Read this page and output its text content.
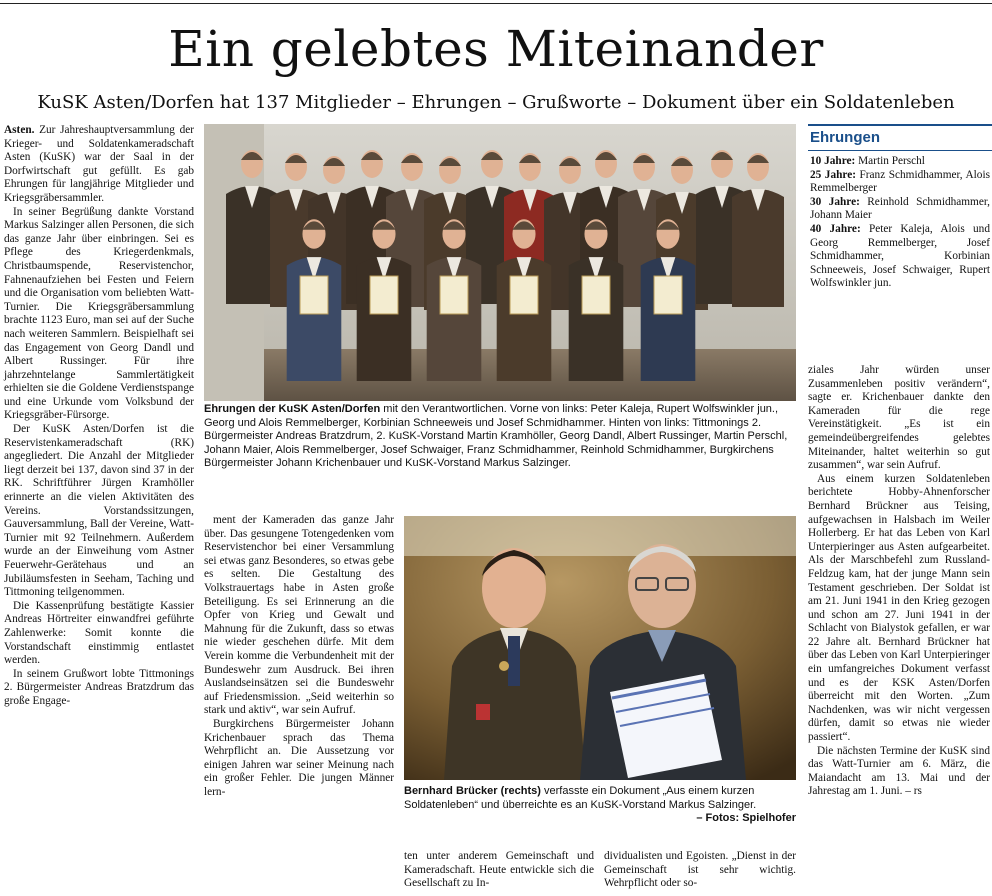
Ein gelebtes Miteinander
KuSK Asten/Dorfen hat 137 Mitglieder – Ehrungen – Grußworte – Dokument über ein Soldatenleben

Asten. Zur Jahreshauptversammlung der Krieger- und Soldatenkameradschaft Asten (KuSK) war der Saal in der Dorfwirtschaft gut gefüllt. Es gab Ehrungen für langjährige Mitglieder und Kriegsgräbersammler.

In seiner Begrüßung dankte Vorstand Markus Salzinger allen Personen, die sich das ganze Jahr über einbringen. Sei es Pflege des Kriegerdenkmals, Christbaumspende, Reservistenchor, Fahnenaufziehen bei Festen und Feiern und die Organisation vom beliebten Watt-Turnier. Die Kriegsgräbersammlung brachte 1123 Euro, man sei auf der Suche nach weiteren Sammlern. Beispielhaft sei das Engagement von Georg Dandl und Albert Russinger. Für ihre jahrzehntelange Sammlertätigkeit erhielten sie die Goldene Verdienstspange und eine Urkunde vom Volksbund der Kriegsgräber-Fürsorge.

Der KuSK Asten/Dorfen ist die Reservistenkameradschaft (RK) angegliedert. Die Anzahl der Mitglieder liegt derzeit bei 137, davon sind 37 in der RK. Schriftführer Jürgen Kramhöller erinnerte an die vielen Aktivitäten des Vereins. Vorstandssitzungen, Gauversammlung, Ball der Vereine, Watt-Turnier mit 92 Teilnehmern. Außerdem wurde an der Einweihung vom Astner Feuerwehr-Gerätehaus und an Jubiläumsfesten in Seeham, Taching und Tittmoning teilgenommen.

Die Kassenprüfung bestätigte Kassier Andreas Hörtreiter einwandfrei geführte Zahlenwerke: Somit konnte die Vorstandschaft einstimmig entlastet werden.

In seinem Grußwort lobte Tittmonings 2. Bürgermeister Andreas Bratzdrum das große Engage-

Ehrungen der KuSK Asten/Dorfen mit den Verantwortlichen. Vorne von links: Peter Kaleja, Rupert Wolfswinkler jun., Georg und Alois Remmelberger, Korbinian Schneeweis und Josef Schmidhammer. Hinten von links: Tittmonings 2. Bürgermeister Andreas Bratzdrum, 2. KuSK-Vorstand Martin Kramhöller, Georg Dandl, Albert Russinger, Martin Perschl, Johann Maier, Alois Remmelberger, Josef Schwaiger, Franz Schmidhammer, Reinhold Schmidhammer, Burgkirchens Bürgermeister Johann Krichenbauer und KuSK-Vorstand Markus Salzinger.
Ehrungen
10 Jahre: Martin Perschl
25 Jahre: Franz Schmidhammer, Alois Remmelberger
30 Jahre: Reinhold Schmidhammer, Johann Maier
40 Jahre: Peter Kaleja, Alois und Georg Remmelberger, Josef Schmidhammer, Korbinian Schneeweis, Josef Schwaiger, Rupert Wolfswinkler jun.

ziales Jahr würden unser Zusammenleben positiv verändern“, sagte er. Krichenbauer dankte den Kameraden für die rege Vereinstätigkeit. „Es ist ein gemeindeübergreifendes gelebtes Miteinander, haltet weiterhin so gut zusammen“, war sein Aufruf.

Aus einem kurzen Soldatenleben berichtete Hobby-Ahnenforscher Bernhard Brückner aus Teising, aufgewachsen in Halsbach im Weiler Hollerberg. Er hat das Leben von Karl Unterpieringer aus Asten aufgearbeitet. Als der Marschbefehl zum Russland-Feldzug kam, hat der junge Mann sein Testament geschrieben. Der Soldat ist am 21. Juni 1941 in den Krieg gezogen und schon am 27. Juni 1941 in der Schlacht von Bialystok gefallen, er war 22 Jahre alt. Bernhard Brückner hat über das Leben von Karl Unterpieringer ein umfangreiches Dokument verfasst und es der KSK Asten/Dorfen überreicht mit den Worten. „Zum Nachdenken, was wir nicht vergessen dürfen, damit so etwas nie wieder passiert“.

Die nächsten Termine der KuSK sind das Watt-Turnier am 6. März, die Maiandacht am 13. Mai und der Jahrestag am 1. Juni. – rs

ment der Kameraden das ganze Jahr über. Das gesungene Totengedenken vom Reservistenchor bei einer Versammlung sei etwas ganz Besonderes, so etwas gebe es selten. Die Gestaltung des Volkstrauertags habe in Asten große Beteiligung. Es sei Erinnerung an die Opfer von Krieg und Gewalt und Mahnung für die Zukunft, dass so etwas nie wieder geschehen dürfe. Mit dem Verein komme die Verbundenheit mit der Bundeswehr zum Ausdruck. Bei ihren Auslandseinsätzen sei die Bundeswehr auf Friedensmission. „Seid weiterhin so stark und aktiv“, war sein Aufruf.

Burgkirchens Bürgermeister Johann Krichenbauer sprach das Thema Wehrpflicht an. Die Aussetzung vor einigen Jahren war seiner Meinung nach ein großer Fehler. Die jungen Männer lern-	Bernhard Brücker (rechts) verfasste ein Dokument „Aus einem kurzen Soldatenleben“ und überreichte es an KuSK-Vorstand Markus Salzinger.
– Fotos: Spielhofer

ten unter anderem Gemeinschaft und Kameradschaft. Heute entwickle sich die Gesellschaft zu In-

dividualisten und Egoisten. „Dienst in der Gemeinschaft ist sehr wichtig. Wehrpflicht oder so-
